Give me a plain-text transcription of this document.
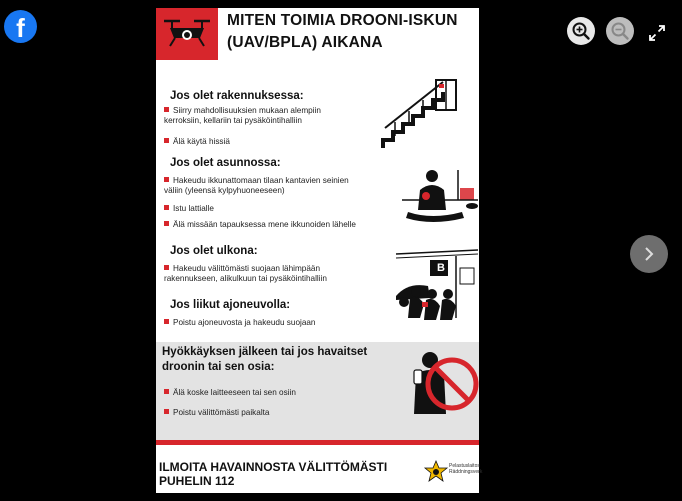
f	MITEN TOIMIA DROONI-ISKUN (UAV/BPLA) AIKANA
Jos olet rakennuksessa:
Siirry mahdollisuuksien mukaan alempiin kerroksiin, kellariin tai pysäköintihalliin
Älä käytä hissiä
Jos olet asunnossa:
Hakeudu ikkunattomaan tilaan kantavien seinien väliin (yleensä kylpyhuoneeseen)
Istu lattialle
Älä missään tapauksessa mene ikkunoiden lähelle
Jos olet ulkona:
Hakeudu välittömästi suojaan lähimpään rakennukseen, alikulkuun tai pysäköintihalliin
Jos liikut ajoneuvolla:
Poistu ajoneuvosta ja hakeudu suojaan
B
Hyökkäyksen jälkeen tai jos havaitset droonin tai sen osia:
Älä koske laitteeseen tai sen osiin
Poistu välittömästi paikalta
ILMOITA HAVAINNOSTA VÄLITTÖMÄSTI PUHELIN 112
Pelastuslaitos Räddningsverk
